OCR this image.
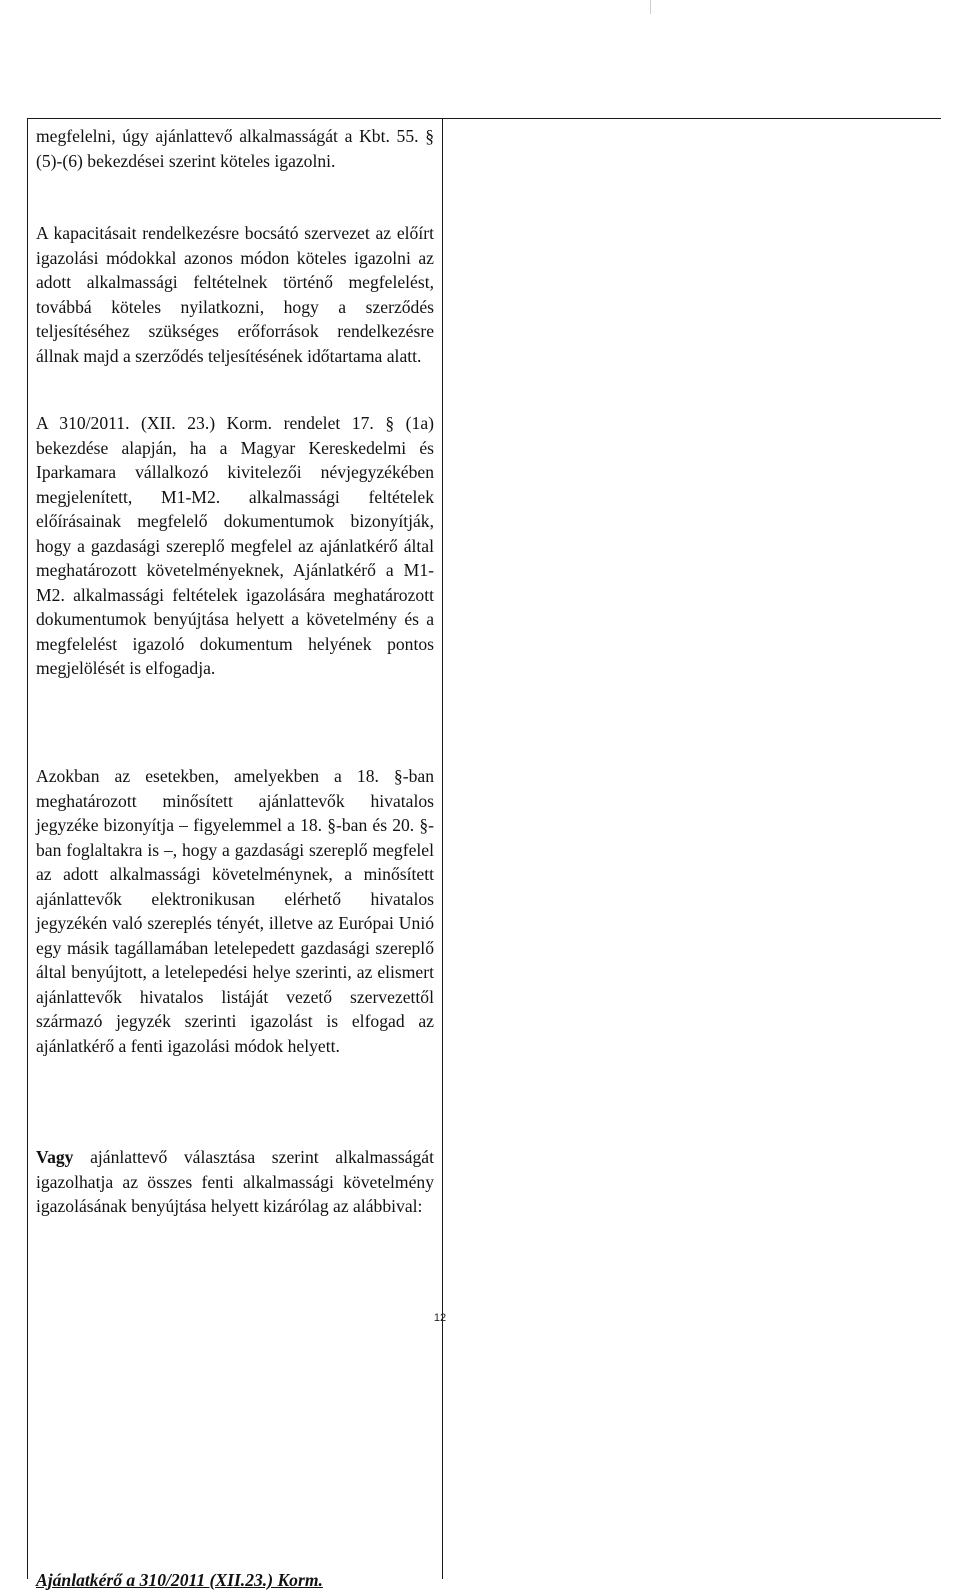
megfelelni, úgy ajánlattevő alkalmasságát a Kbt. 55. § (5)-(6) bekezdései szerint köteles igazolni.

A kapacitásait rendelkezésre bocsátó szervezet az előírt igazolási módokkal azonos módon köteles igazolni az adott alkalmassági feltételnek történő megfelelést, továbbá köteles nyilatkozni, hogy a szerződés teljesítéséhez szükséges erőforrások rendelkezésre állnak majd a szerződés teljesítésének időtartama alatt.

A 310/2011. (XII. 23.) Korm. rendelet 17. § (1a) bekezdése alapján, ha a Magyar Kereskedelmi és Iparkamara vállalkozó kivitelezői névjegyzékében megjelenített, M1-M2. alkalmassági feltételek előírásainak megfelelő dokumentumok bizonyítják, hogy a gazdasági szereplő megfelel az ajánlatkérő által meghatározott követelményeknek, Ajánlatkérő a M1-M2. alkalmassági feltételek igazolására meghatározott dokumentumok benyújtása helyett a követelmény és a megfelelést igazoló dokumentum helyének pontos megjelölését is elfogadja.

Azokban az esetekben, amelyekben a 18. §-ban meghatározott minősített ajánlattevők hivatalos jegyzéke bizonyítja – figyelemmel a 18. §-ban és 20. §-ban foglaltakra is –, hogy a gazdasági szereplő megfelel az adott alkalmassági követelménynek, a minősített ajánlattevők elektronikusan elérhető hivatalos jegyzékén való szereplés tényét, illetve az Európai Unió egy másik tagállamában letelepedett gazdasági szereplő által benyújtott, a letelepedési helye szerinti, az elismert ajánlattevők hivatalos listáját vezető szervezettől származó jegyzék szerinti igazolást is elfogad az ajánlatkérő a fenti igazolási módok helyett.

Vagy ajánlattevő választása szerint alkalmasságát igazolhatja az összes fenti alkalmassági követelmény igazolásának benyújtása helyett kizárólag az alábbival:

Ajánlatkérő a 310/2011 (XII.23.) Korm.

12
